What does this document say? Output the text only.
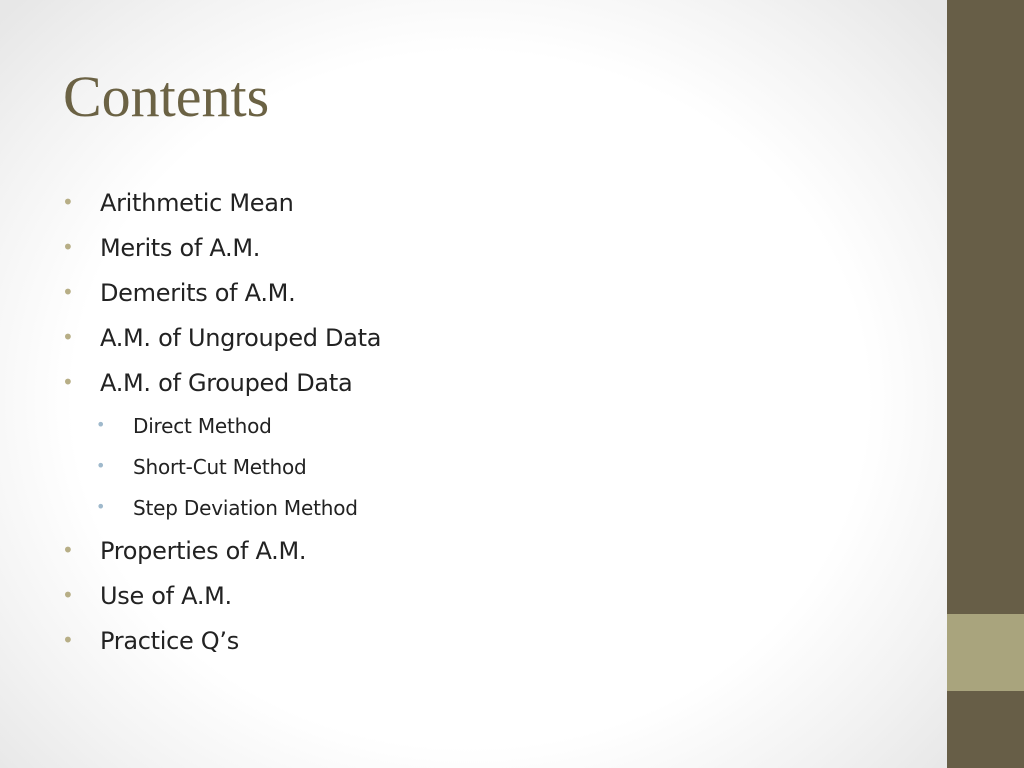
Contents
• Arithmetic Mean
• Merits of A.M.
• Demerits of A.M.
• A.M. of Ungrouped Data
• A.M. of Grouped Data
• Direct Method
• Short-Cut Method
• Step Deviation Method
• Properties of A.M.
• Use of A.M.
• Practice Q’s
